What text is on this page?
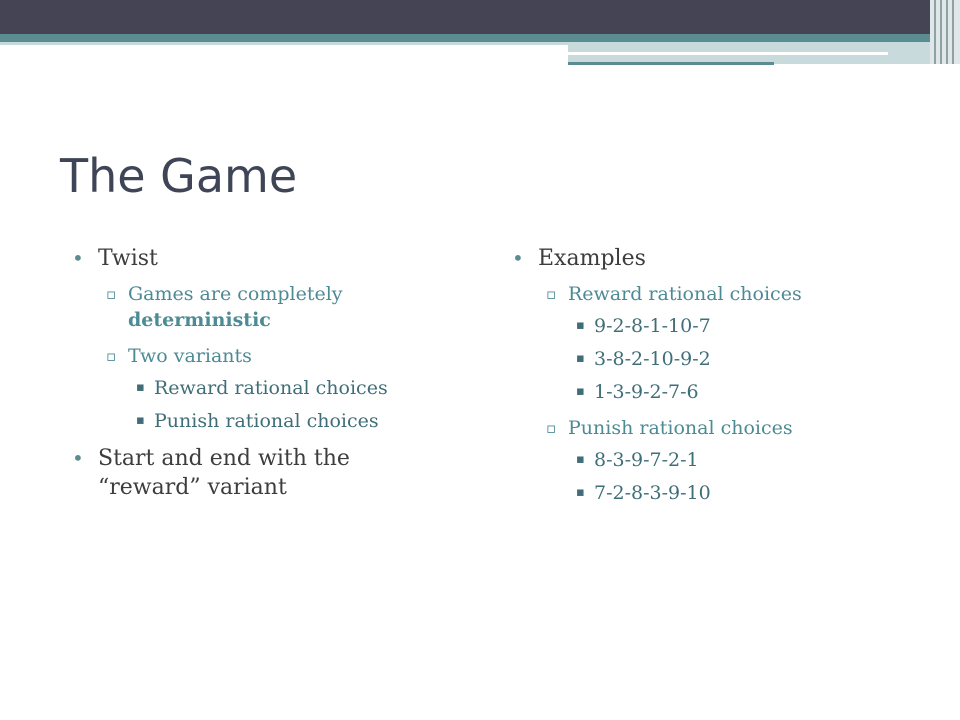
The Game
• Twist
▫ Games are completely deterministic
▫ Two variants
▪ Reward rational choices
▪ Punish rational choices
• Start and end with the
“reward” variant
• Examples
▫ Reward rational choices
▪ 9-2-8-1-10-7
▪ 3-8-2-10-9-2
▪ 1-3-9-2-7-6
▫ Punish rational choices
▪ 8-3-9-7-2-1
▪ 7-2-8-3-9-10
